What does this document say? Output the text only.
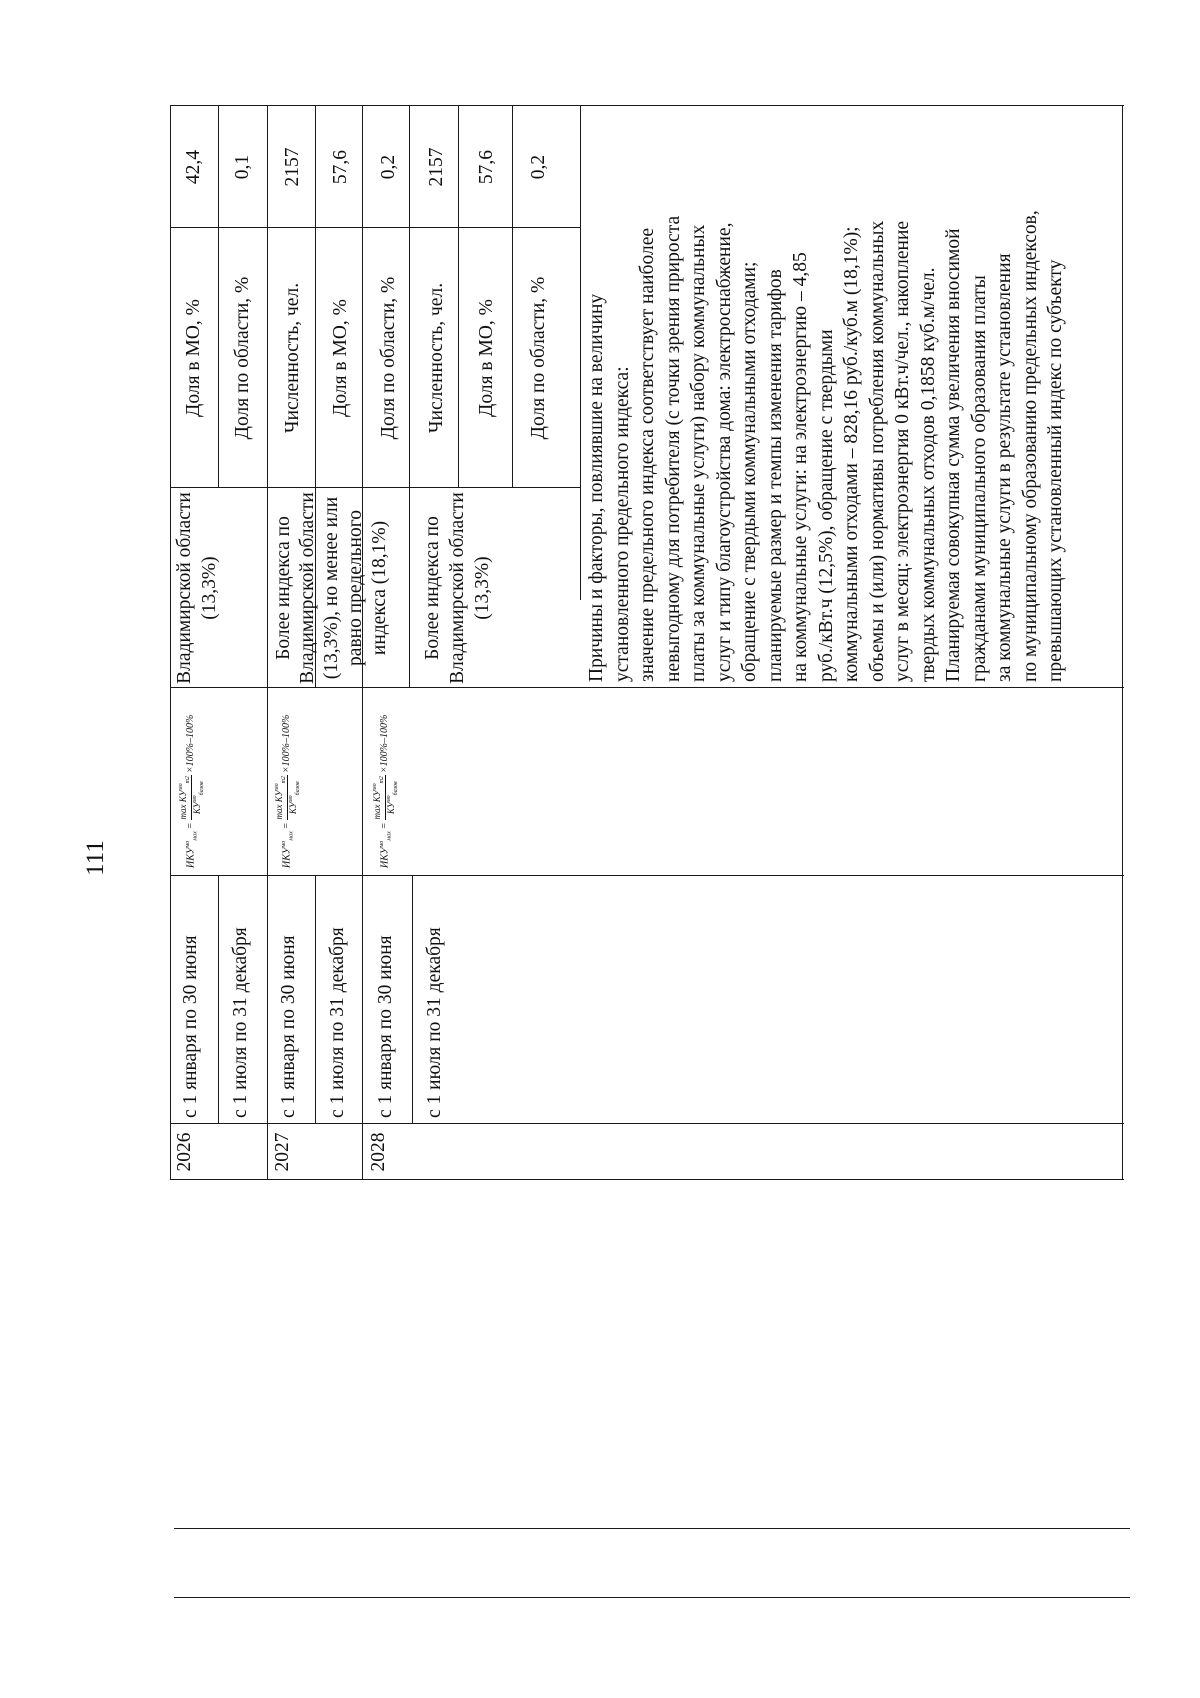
111
2026
с 1 января по 30 июня с 1 июля по 31 декабря
$ИКУ^{мо}_{мах}$
=
$\max КУ^{мо}_{m2}$
$КУ^{мо}_{базов}$
×100%–100%
Владимирской области (13,3%)
Доля в МО, %
42,4
Доля по области, %
0,1
2027
с 1 января по 30 июня с 1 июля по 31 декабря
$ИКУ^{мо}_{мах}$
=
$\max КУ^{мо}_{m2}$
$КУ^{мо}_{базов}$
×100%–100%
Более индекса по Владимирской области (13,3%), но менее или равно предельного индекса (18,1%)
Численность, чел.
2157
Доля в МО, %
57,6
Доля по области, %
0,2
2028
с 1 января по 30 июня с 1 июля по 31 декабря
$ИКУ^{мо}_{мах}$
=
$\max КУ^{мо}_{m2}$
$КУ^{мо}_{базов}$
×100%–100%
Более индекса по Владимирской области (13,3%)
Численность, чел.
2157
Доля в МО, %
57,6
Доля по области, %
0,2
Причины и факторы, повлиявшие на величину установленного предельного индекса: значение предельного индекса соответствует наиболее невыгодному для потребителя (с точки зрения прироста платы за коммунальные услуги) набору коммунальных услуг и типу благоустройства дома: электроснабжение, обращение с твердыми коммунальными отходами; планируемые размер и темпы изменения тарифов на коммунальные услуги: на электроэнергию – 4,85 руб./кВт.ч (12,5%), обращение с твердыми коммунальными отходами – 828,16 руб./куб.м (18,1%); объемы и (или) нормативы потребления коммунальных услуг в месяц: электроэнергия 0 кВт.ч/чел., накопление твердых коммунальных отходов 0,1858 куб.м/чел. Планируемая совокупная сумма увеличения вносимой гражданами муниципального образования платы за коммунальные услуги в результате установления по муниципальному образованию предельных индексов, превышающих установленный индекс по субъекту
